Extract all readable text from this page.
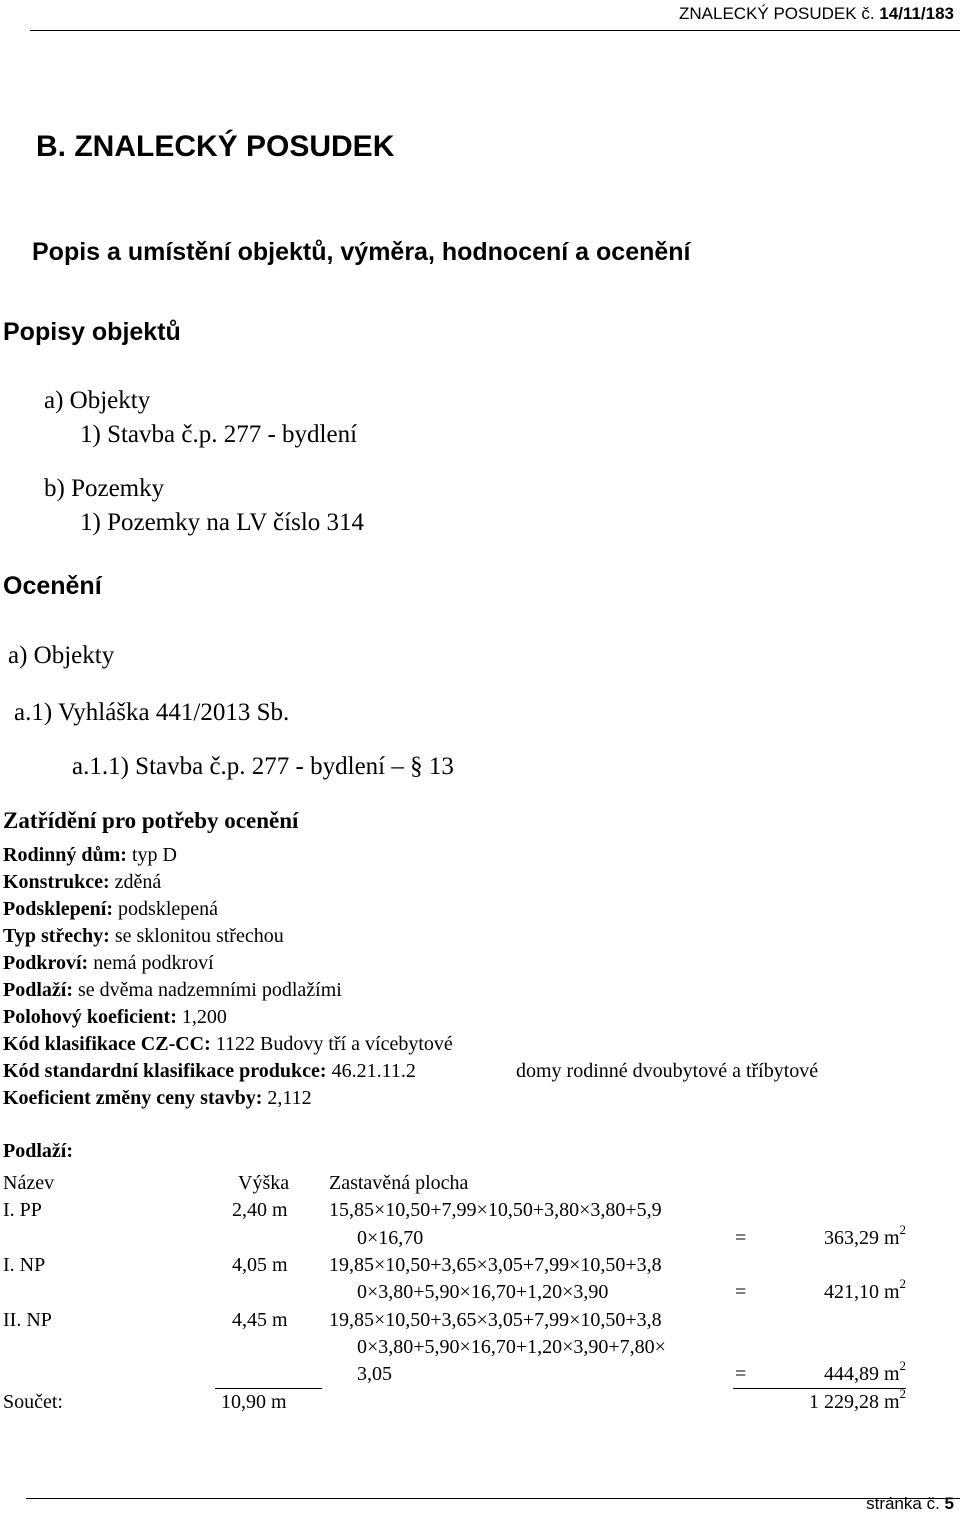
ZNALECKÝ POSUDEK č. 14/11/183
B. ZNALECKÝ POSUDEK
Popis a umístění objektů, výměra, hodnocení a ocenění
Popisy objektů
a) Objekty
1) Stavba č.p. 277 - bydlení
b) Pozemky
1) Pozemky na LV číslo 314
Ocenění
a) Objekty
a.1) Vyhláška 441/2013 Sb.
a.1.1) Stavba č.p. 277 - bydlení – § 13
Zatřídění pro potřeby ocenění
Rodinný dům: typ D
Konstrukce: zděná
Podsklepení: podsklepená
Typ střechy: se sklonitou střechou
Podkroví: nemá podkroví
Podlaží: se dvěma nadzemními podlažími
Polohový koeficient: 1,200
Kód klasifikace CZ-CC: 1122 Budovy tří a vícebytové
Kód standardní klasifikace produkce: 46.21.11.2	domy rodinné dvoubytové a tříbytové
Koeficient změny ceny stavby: 2,112
Podlaží:
Název	Výška Zastavěná plocha
I. PP	2,40 m 15,85×10,50+7,99×10,50+3,80×3,80+5,9
0×16,70	=	363,29 $m^2$
I. NP	4,05 m 19,85×10,50+3,65×3,05+7,99×10,50+3,8
0×3,80+5,90×16,70+1,20×3,90	=	421,10 $m^2$
II. NP	4,45 m 19,85×10,50+3,65×3,05+7,99×10,50+3,8
0×3,80+5,90×16,70+1,20×3,90+7,80×
3,05	=	444,89 $m^2$
Součet:	10,90 m	1 229,28 $m^2$
stránka č. 5
